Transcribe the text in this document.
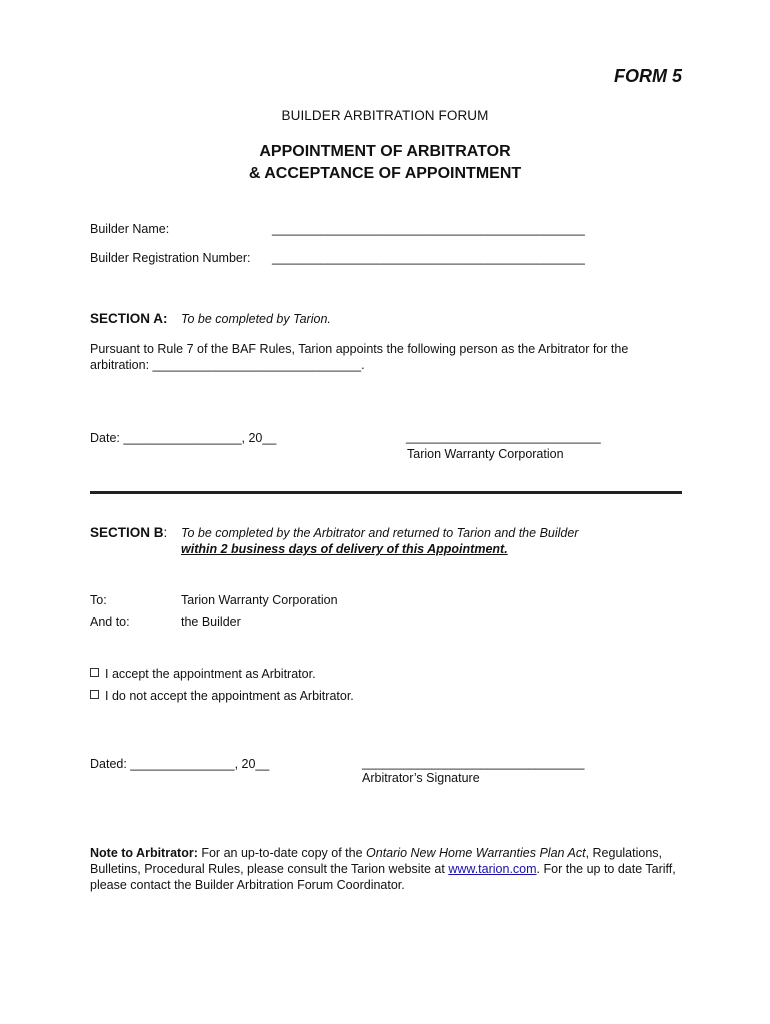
FORM 5
BUILDER ARBITRATION FORUM
APPOINTMENT OF ARBITRATOR
& ACCEPTANCE OF APPOINTMENT
Builder Name:	_____________________________________________
Builder Registration Number: _____________________________________________
SECTION A: To be completed by Tarion.
Pursuant to Rule 7 of the BAF Rules, Tarion appoints the following person as the Arbitrator for the
arbitration: ______________________________.
Date: _________________, 20__	____________________________
Tarion Warranty Corporation
SECTION B: To be completed by the Arbitrator and returned to Tarion and the Builder
within 2 business days of delivery of this Appointment.
To:	Tarion Warranty Corporation
And to:	the Builder
I accept the appointment as Arbitrator.
I do not accept the appointment as Arbitrator.
Dated: _______________, 20__	________________________________
Arbitrator’s Signature
Note to Arbitrator: For an up-to-date copy of the Ontario New Home Warranties Plan Act, Regulations, Bulletins, Procedural Rules, please consult the Tarion website at www.tarion.com. For the up to date Tariff, please contact the Builder Arbitration Forum Coordinator.
